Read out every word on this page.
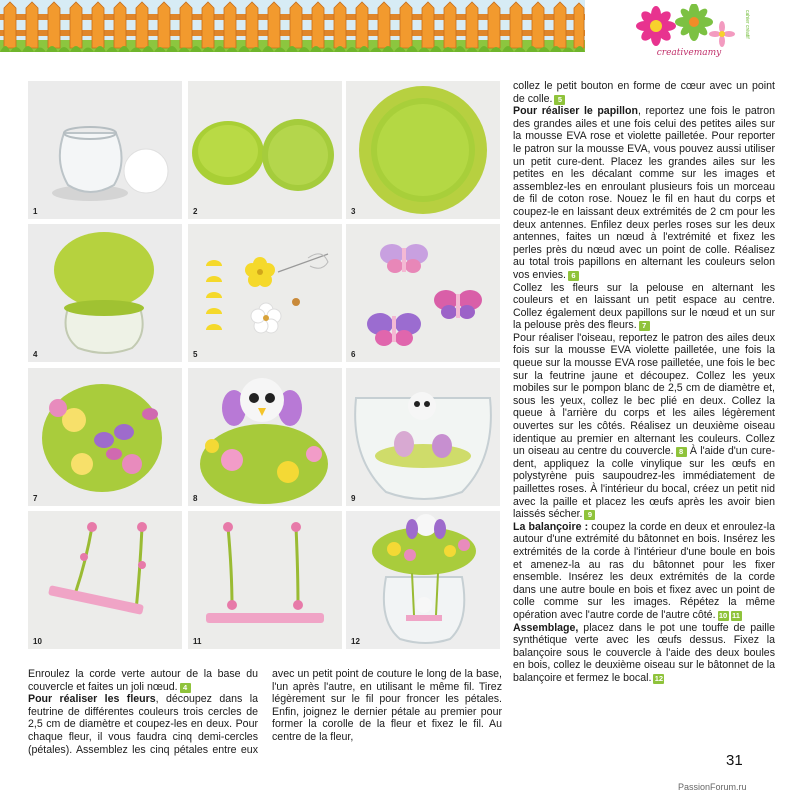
creativemamy
cahier créatif
1	2	3
4	5	6
7	8	9
10	11	12

collez le petit bouton en forme de cœur avec un point de colle. 5

Pour réaliser le papillon, reportez une fois le patron des grandes ailes et une fois celui des petites ailes sur la mousse EVA rose et violette pailletée. Pour reporter le patron sur la mousse EVA, vous pouvez aussi utiliser un petit cure-dent. Placez les grandes ailes sur les petites en les décalant comme sur les images et assemblez-les en enroulant plusieurs fois un morceau de fil de coton rose. Nouez le fil en haut du corps et coupez-le en laissant deux extrémités de 2 cm pour les deux antennes. Enfilez deux perles roses sur les deux antennes, faites un nœud à l'extrémité et fixez les perles près du nœud avec un point de colle. Réalisez au total trois papillons en alternant les couleurs selon vos envies. 6

Collez les fleurs sur la pelouse en alternant les couleurs et en laissant un petit espace au centre. Collez également deux papillons sur le nœud et un sur la pelouse près des fleurs. 7

Pour réaliser l'oiseau, reportez le patron des ailes deux fois sur la mousse EVA violette pailletée, une fois la queue sur la mousse EVA rose pailletée, une fois le bec sur la feutrine jaune et découpez. Collez les yeux mobiles sur le pompon blanc de 2,5 cm de diamètre et, sous les yeux, collez le bec plié en deux. Collez la queue à l'arrière du corps et les ailes légèrement ouvertes sur les côtés. Réalisez un deuxième oiseau identique au premier en alternant les couleurs. Collez un oiseau au centre du couvercle. 8 À l'aide d'un cure-dent, appliquez la colle vinylique sur les œufs en polystyrène puis saupoudrez-les immédiatement de paillettes roses. À l'intérieur du bocal, créez un petit nid avec la paille et placez les œufs après les avoir bien laissés sécher. 9

La balançoire : coupez la corde en deux et enroulez-la autour d'une extrémité du bâtonnet en bois. Insérez les extrémités de la corde à l'intérieur d'une boule en bois et amenez-la au ras du bâtonnet pour les fixer ensemble. Insérez les deux extrémités de la corde dans une autre boule en bois et fixez avec un point de colle comme sur les images. Répétez la même opération avec l'autre corde de l'autre côté. 10 11

Assemblage, placez dans le pot une touffe de paille synthétique verte avec les œufs dessus. Fixez la balançoire sous le couvercle à l'aide des deux boules en bois, collez le deuxième oiseau sur le bâtonnet de la balançoire et fermez le bocal. 12

Enroulez la corde verte autour de la base du couvercle et faites un joli nœud. 4

Pour réaliser les fleurs, découpez dans la feutrine de différentes couleurs trois cercles de 2,5 cm de diamètre et coupez-les en deux. Pour chaque fleur, il vous faudra cinq demi-cercles (pétales). Assemblez les cinq pétales entre eux avec un petit point de couture le long de la base, l'un après l'autre, en utilisant le même fil. Tirez légèrement sur le fil pour froncer les pétales. Enfin, joignez le dernier pétale au premier pour former la corolle de la fleur et fixez le fil. Au centre de la fleur,

31
PassionForum.ru
